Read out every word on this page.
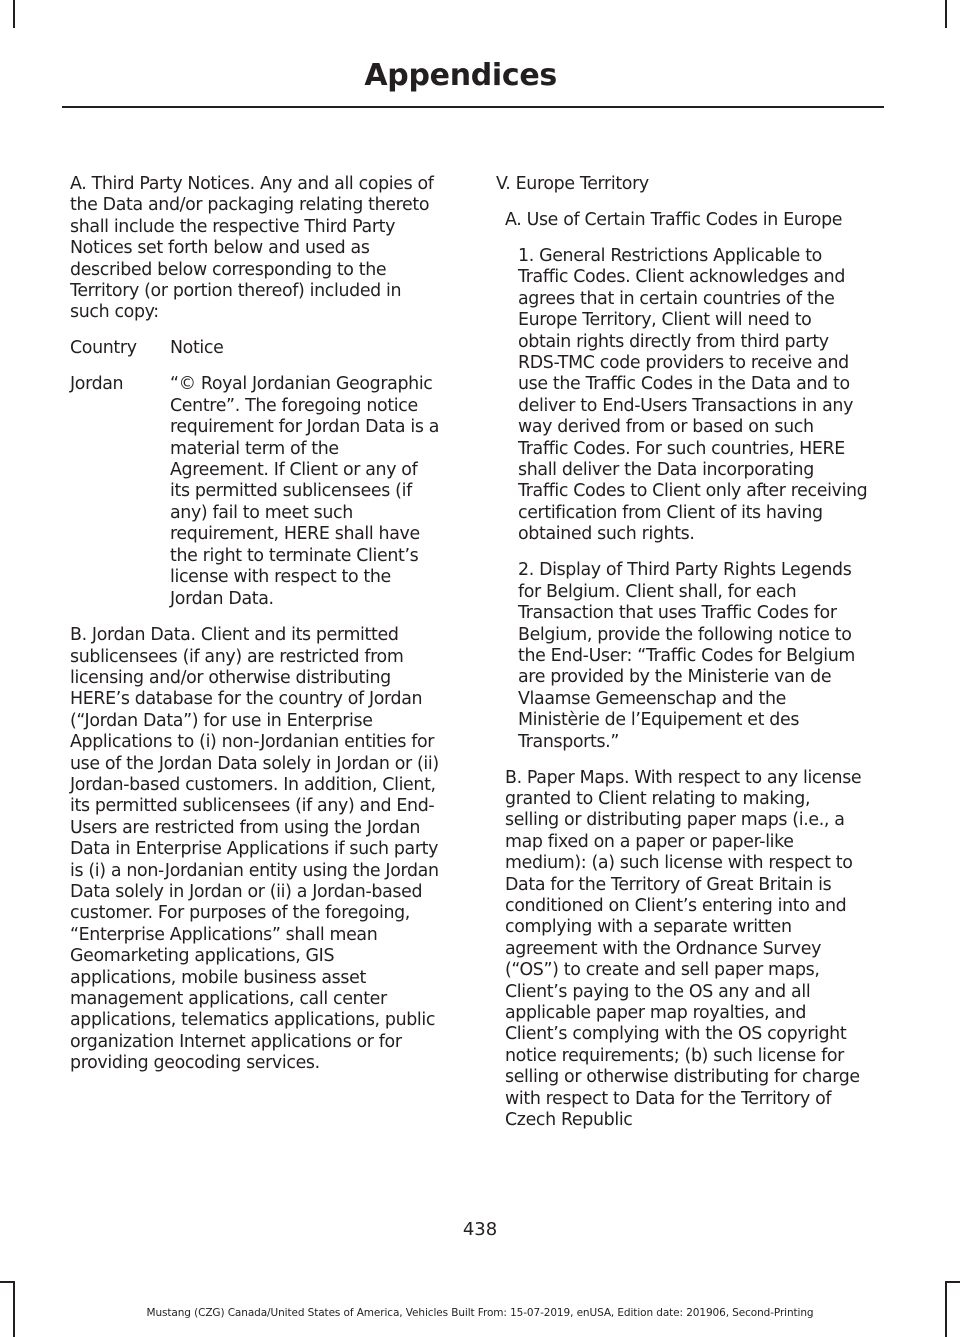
Appendices

A. Third Party Notices. Any and all copies of the Data and/or packaging relating thereto shall include the respective Third Party Notices set forth below and used as described below corresponding to the Territory (or portion thereof) included in such copy:

Country	Notice
Jordan	“© Royal Jordanian Geographic Centre”. The foregoing notice requirement for Jordan Data is a material term of the Agreement. If Client or any of its permitted sublicensees (if any) fail to meet such requirement, HERE shall have the right to terminate Client’s license with respect to the Jordan Data.

B. Jordan Data. Client and its permitted sublicensees (if any) are restricted from licensing and/or otherwise distributing HERE’s database for the country of Jordan (“Jordan Data”) for use in Enterprise Applications to (i) non-Jordanian entities for use of the Jordan Data solely in Jordan or (ii) Jordan-based customers. In addition, Client, its permitted sublicensees (if any) and End-Users are restricted from using the Jordan Data in Enterprise Applications if such party is (i) a non-Jordanian entity using the Jordan Data solely in Jordan or (ii) a Jordan-based customer. For purposes of the foregoing, “Enterprise Applications” shall mean Geomarketing applications, GIS applications, mobile business asset management applications, call center applications, telematics applications, public organization Internet applications or for providing geocoding services.

V. Europe Territory

A. Use of Certain Traffic Codes in Europe

1. General Restrictions Applicable to Traffic Codes. Client acknowledges and agrees that in certain countries of the Europe Territory, Client will need to obtain rights directly from third party RDS-TMC code providers to receive and use the Traffic Codes in the Data and to deliver to End-Users Transactions in any way derived from or based on such Traffic Codes. For such countries, HERE shall deliver the Data incorporating Traffic Codes to Client only after receiving certification from Client of its having obtained such rights.

2. Display of Third Party Rights Legends for Belgium. Client shall, for each Transaction that uses Traffic Codes for Belgium, provide the following notice to the End-User: “Traffic Codes for Belgium are provided by the Ministerie van de Vlaamse Gemeenschap and the Ministèrie de l’Equipement et des Transports.”

B. Paper Maps. With respect to any license granted to Client relating to making, selling or distributing paper maps (i.e., a map fixed on a paper or paper-like medium): (a) such license with respect to Data for the Territory of Great Britain is conditioned on Client’s entering into and complying with a separate written agreement with the Ordnance Survey (“OS”) to create and sell paper maps, Client’s paying to the OS any and all applicable paper map royalties, and Client’s complying with the OS copyright notice requirements; (b) such license for selling or otherwise distributing for charge with respect to Data for the Territory of Czech Republic

438
Mustang (CZG) Canada/United States of America, Vehicles Built From: 15-07-2019, enUSA, Edition date: 201906, Second-Printing
